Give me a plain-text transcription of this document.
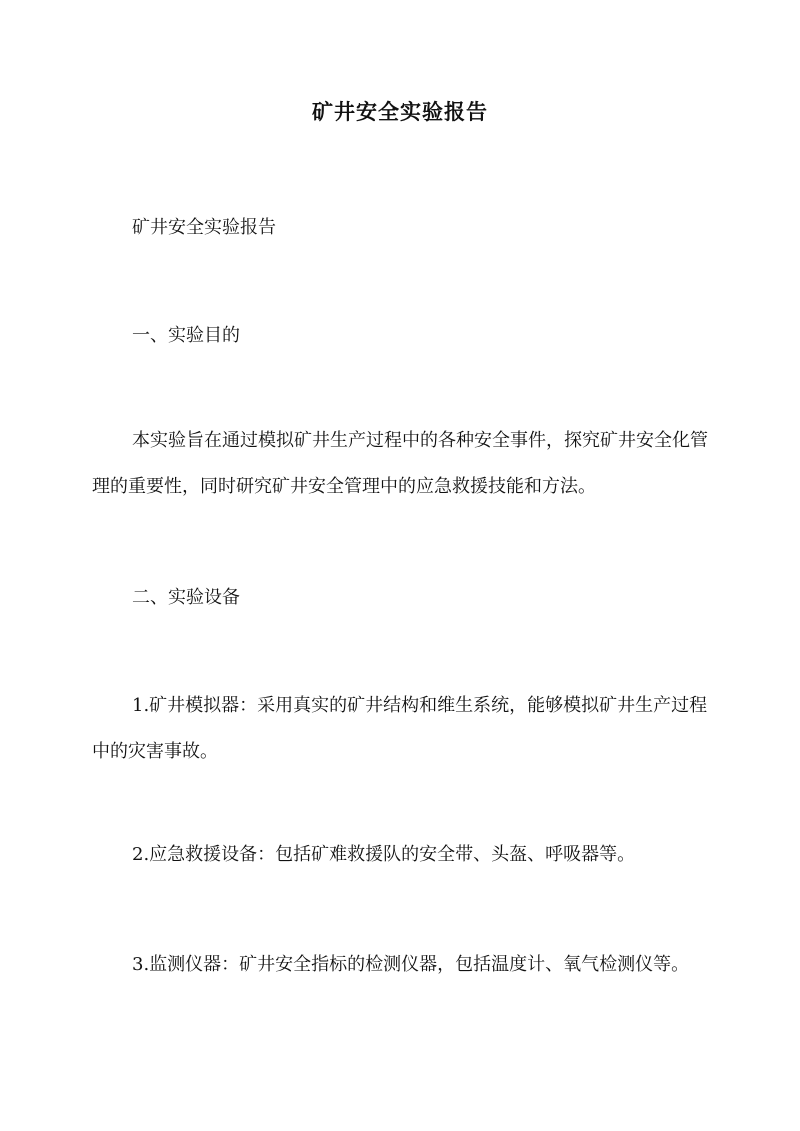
矿井安全实验报告
矿井安全实验报告
一、实验目的
本实验旨在通过模拟矿井生产过程中的各种安全事件，探究矿井安全化管理的重要性，同时研究矿井安全管理中的应急救援技能和方法。
二、实验设备
1.矿井模拟器：采用真实的矿井结构和维生系统，能够模拟矿井生产过程中的灾害事故。
2.应急救援设备：包括矿难救援队的安全带、头盔、呼吸器等。
3.监测仪器：矿井安全指标的检测仪器，包括温度计、氧气检测仪等。
